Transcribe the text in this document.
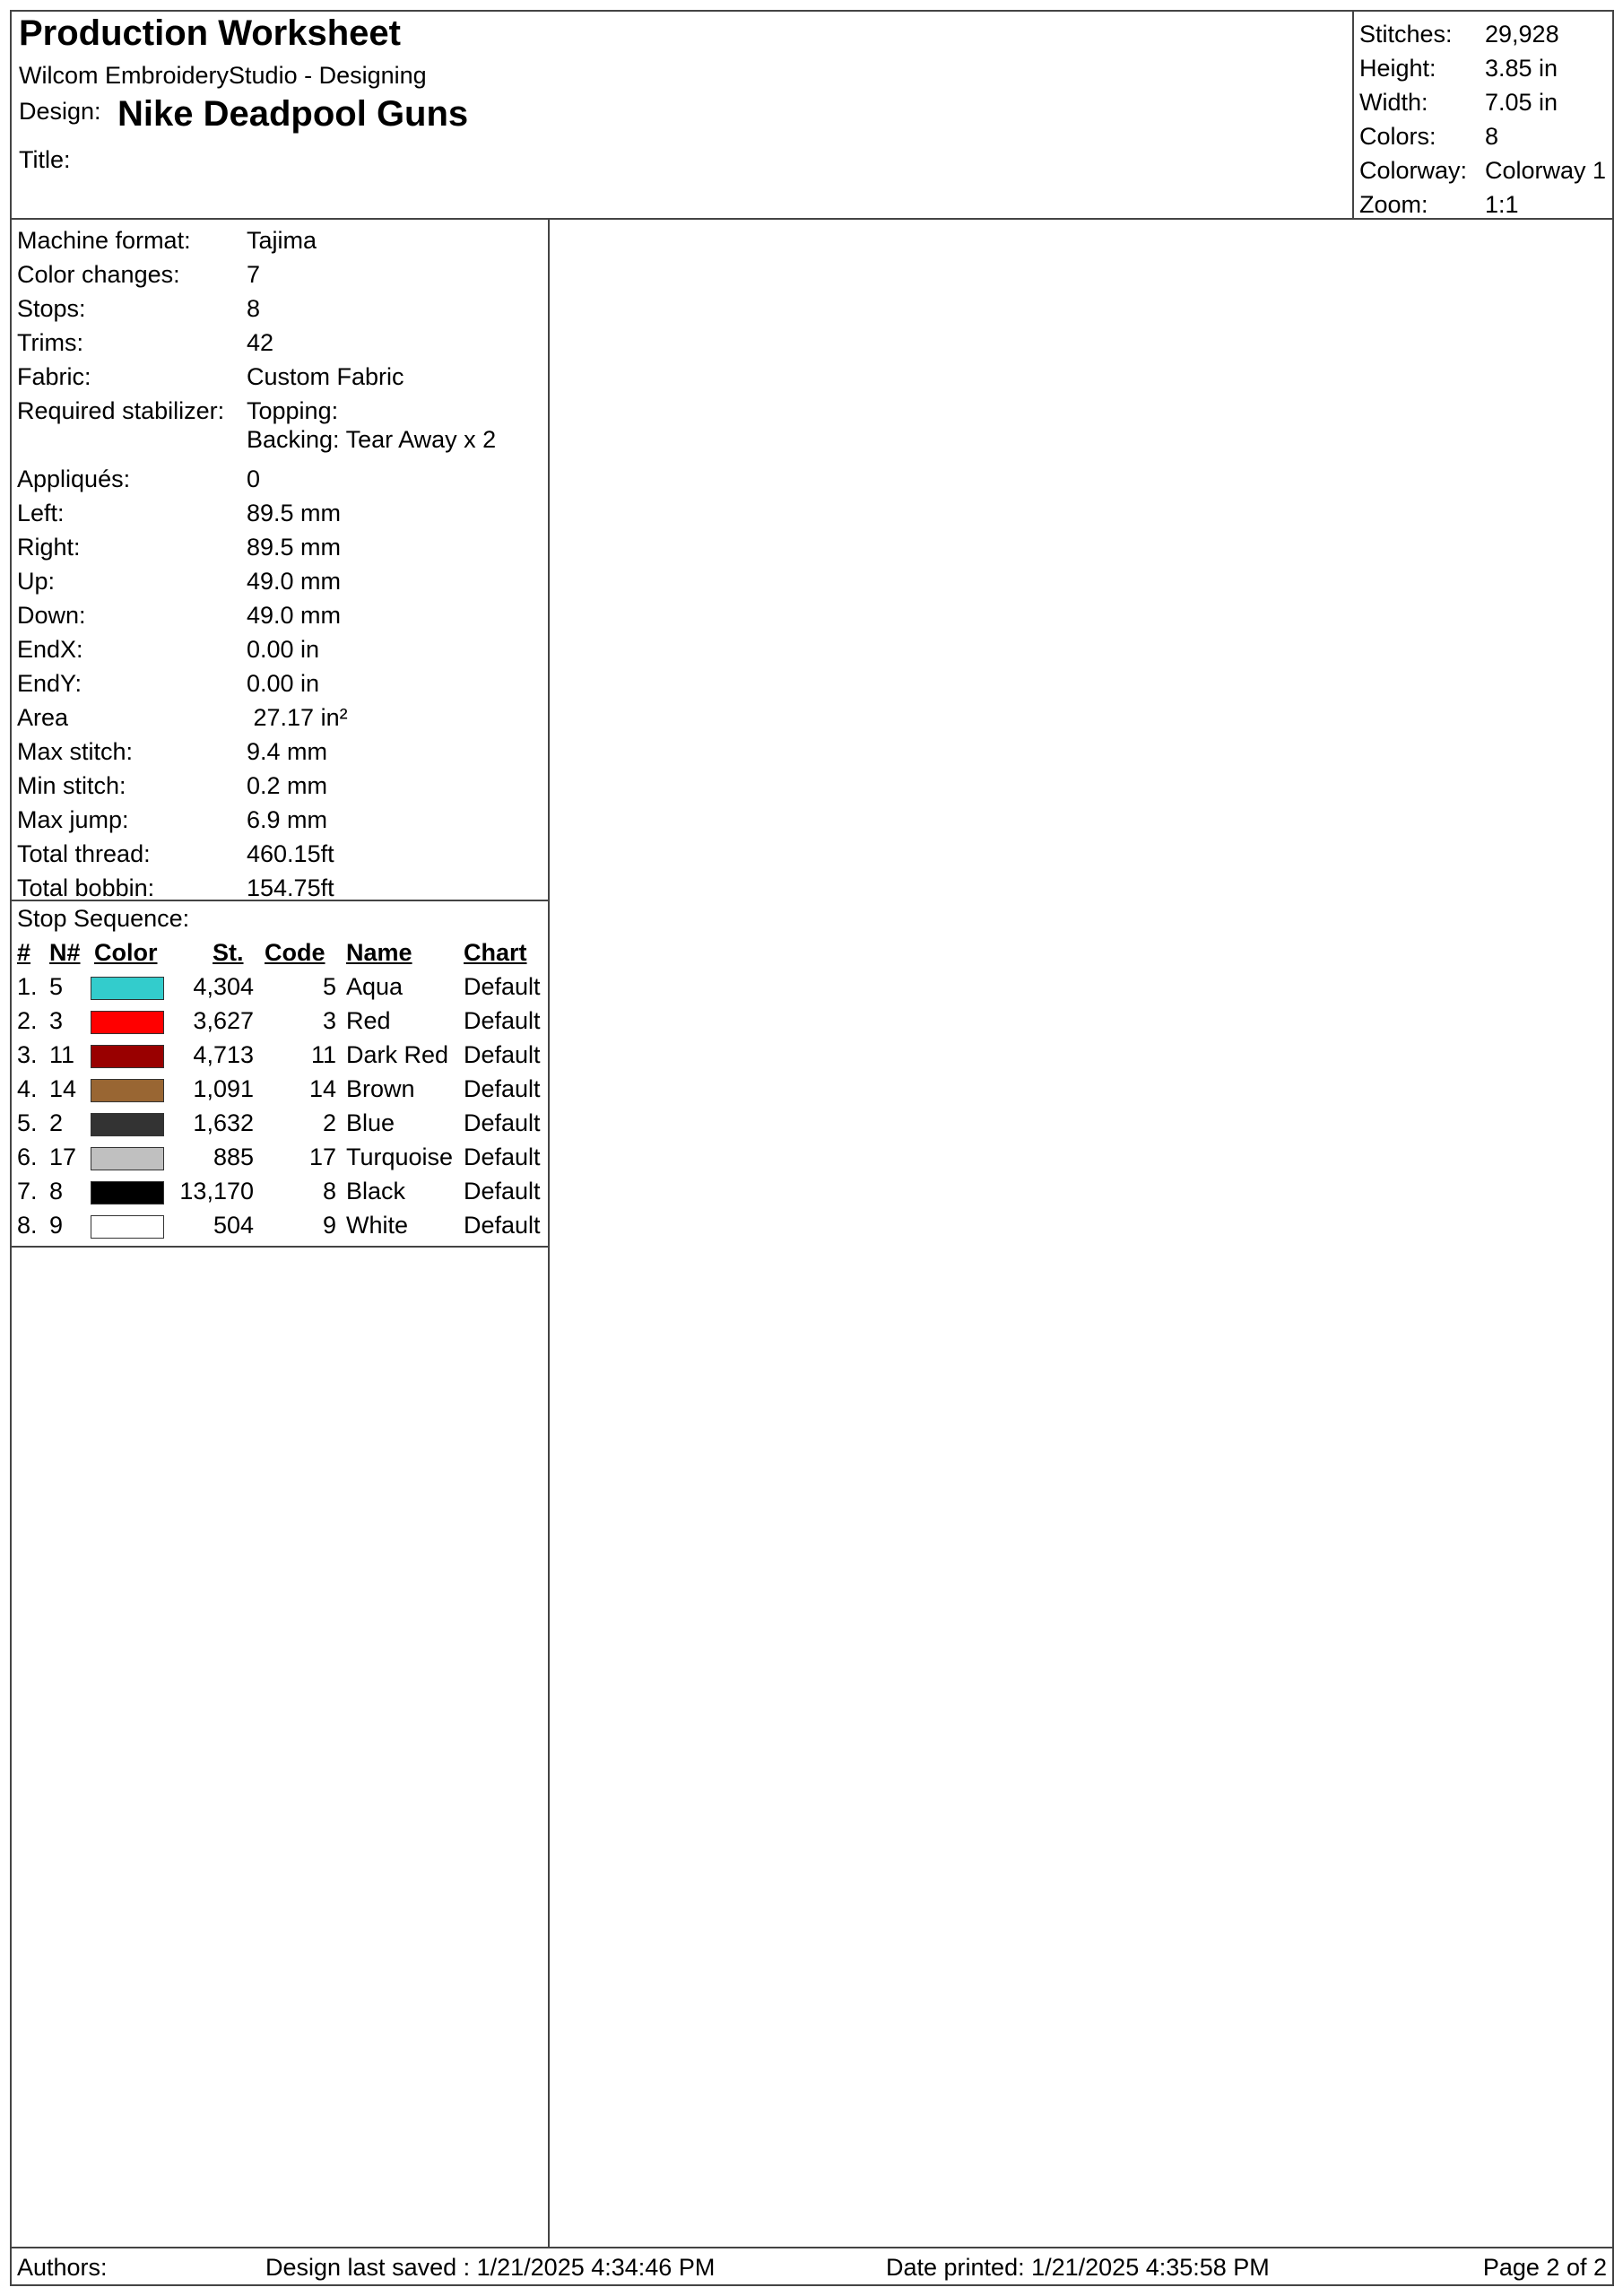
Production Worksheet
Wilcom EmbroideryStudio - Designing
Design: Nike Deadpool Guns
Title:
Stitches: 29,928
Height: 3.85 in
Width: 7.05 in
Colors: 8
Colorway: Colorway 1
Zoom: 1:1
Machine format: Tajima
Color changes:	7
Stops:	8
Trims:	42
Fabric:	Custom Fabric
Required stabilizer: Topping:
Backing: Tear Away x 2
Appliqués:	0
Left:	89.5 mm
Right:	89.5 mm
Up:	49.0 mm
Down:	49.0 mm
EndX:	0.00 in
EndY:	0.00 in
Area	27.17 in²
Max stitch:	9.4 mm
Min stitch:	0.2 mm
Max jump:	6.9 mm
Total thread:	460.15ft
Total bobbin:	154.75ft
Stop Sequence:
# N# Color St. Code Name Chart
1. 5	4,304	5 Aqua	Default
2. 3	3,627	3 Red	Default
3. 11	4,713	11 Dark Red Default
4. 14	1,091	14 Brown Default
5. 2	1,632	2 Blue	Default
6. 17	885	17 Turquoise Default
7. 8	13,170	8 Black Default
8. 9	504	9 White Default
Authors:	Design last saved : 1/21/2025 4:34:46 PM	Date printed: 1/21/2025 4:35:58 PM	Page 2 of 2
